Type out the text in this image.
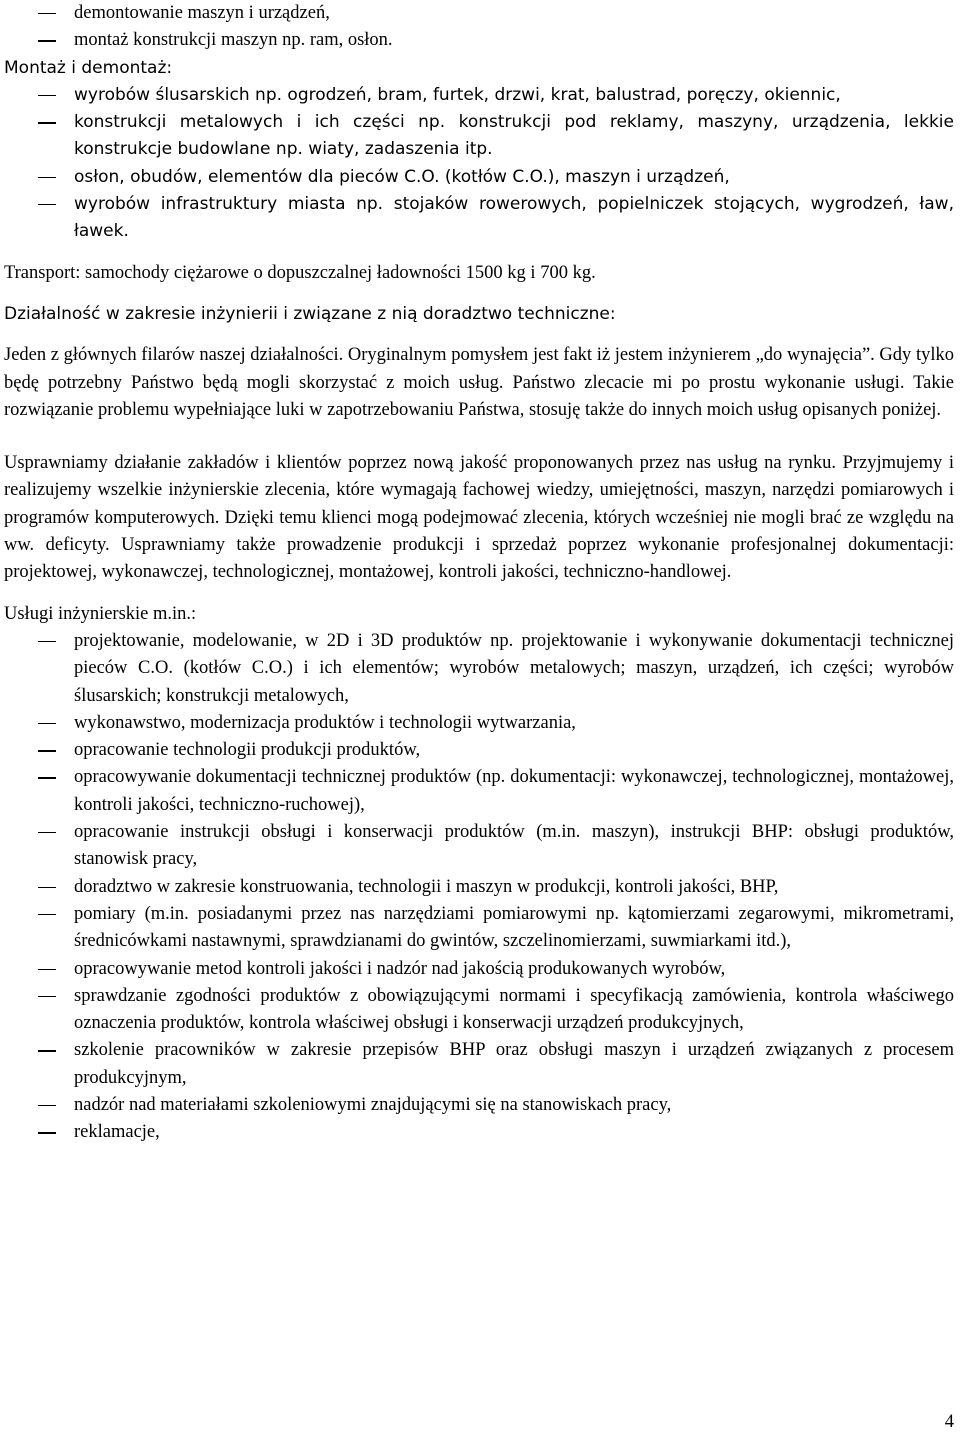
demontowanie maszyn i urządzeń,
montaż konstrukcji maszyn np. ram, osłon.

Montaż i demontaż:

wyrobów ślusarskich np. ogrodzeń, bram, furtek, drzwi, krat, balustrad, poręczy, okiennic,
konstrukcji metalowych i ich części np. konstrukcji pod reklamy, maszyny, urządzenia, lekkie konstrukcje budowlane np. wiaty, zadaszenia itp.
osłon, obudów, elementów dla pieców C.O. (kotłów C.O.), maszyn i urządzeń,
wyrobów infrastruktury miasta np. stojaków rowerowych, popielniczek stojących, wygrodzeń, ław, ławek.

Transport: samochody ciężarowe o dopuszczalnej ładowności 1500 kg i 700 kg.

Działalność w zakresie inżynierii i związane z nią doradztwo techniczne:

Jeden z głównych filarów naszej działalności. Oryginalnym pomysłem jest fakt iż jestem inżynierem „do wynajęcia”. Gdy tylko będę potrzebny Państwo będą mogli skorzystać z moich usług. Państwo zlecacie mi po prostu wykonanie usługi. Takie rozwiązanie problemu wypełniające luki w zapotrzebowaniu Państwa, stosuję także do innych moich usług opisanych poniżej.

Usprawniamy działanie zakładów i klientów poprzez nową jakość proponowanych przez nas usług na rynku. Przyjmujemy i realizujemy wszelkie inżynierskie zlecenia, które wymagają fachowej wiedzy, umiejętności, maszyn, narzędzi pomiarowych i programów komputerowych. Dzięki temu klienci mogą podejmować zlecenia, których wcześniej nie mogli brać ze względu na ww. deficyty. Usprawniamy także prowadzenie produkcji i sprzedaż poprzez wykonanie profesjonalnej dokumentacji: projektowej, wykonawczej, technologicznej, montażowej, kontroli jakości, techniczno-handlowej.

Usługi inżynierskie m.in.:

projektowanie, modelowanie, w 2D i 3D produktów np. projektowanie i wykonywanie dokumentacji technicznej pieców C.O. (kotłów C.O.) i ich elementów; wyrobów metalowych; maszyn, urządzeń, ich części; wyrobów ślusarskich; konstrukcji metalowych,
wykonawstwo, modernizacja produktów i technologii wytwarzania,
opracowanie technologii produkcji produktów,
opracowywanie dokumentacji technicznej produktów (np. dokumentacji: wykonawczej, technologicznej, montażowej, kontroli jakości, techniczno-ruchowej),
opracowanie instrukcji obsługi i konserwacji produktów (m.in. maszyn), instrukcji BHP: obsługi produktów, stanowisk pracy,
doradztwo w zakresie konstruowania, technologii i maszyn w produkcji, kontroli jakości, BHP,
pomiary (m.in. posiadanymi przez nas narzędziami pomiarowymi np. kątomierzami zegarowymi, mikrometrami, średnicówkami nastawnymi, sprawdzianami do gwintów, szczelinomierzami, suwmiarkami itd.),
opracowywanie metod kontroli jakości i nadzór nad jakością produkowanych wyrobów,
sprawdzanie zgodności produktów z obowiązującymi normami i specyfikacją zamówienia, kontrola właściwego oznaczenia produktów, kontrola właściwej obsługi i konserwacji urządzeń produkcyjnych,
szkolenie pracowników w zakresie przepisów BHP oraz obsługi maszyn i urządzeń związanych z procesem produkcyjnym,
nadzór nad materiałami szkoleniowymi znajdującymi się na stanowiskach pracy,
reklamacje,
4
